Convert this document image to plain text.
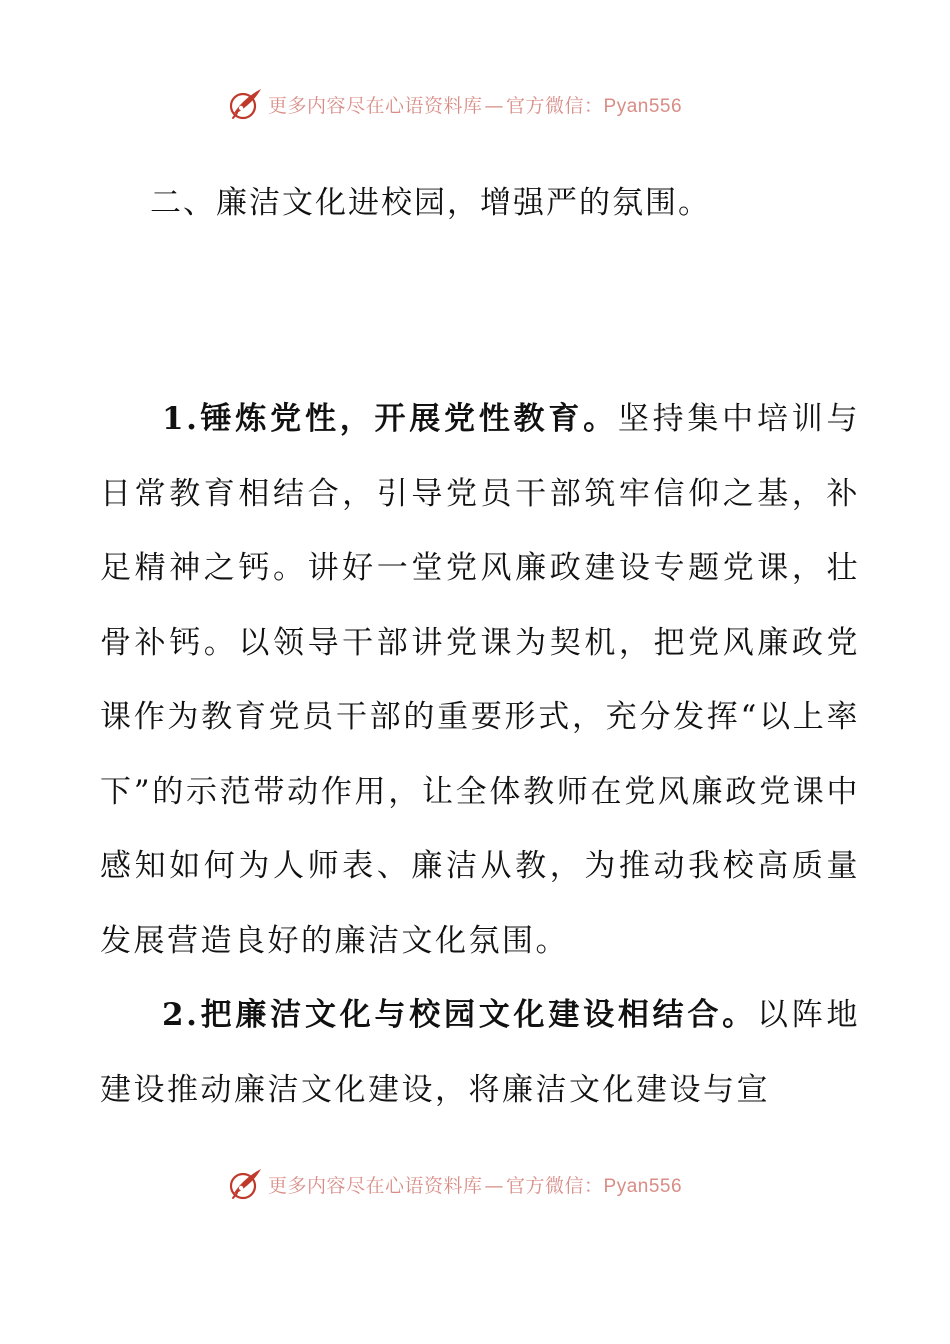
更多内容尽在心语资料库 — 官方微信：Pyan556
二、廉洁文化进校园，增强严的氛围。

1.锤炼党性，开展党性教育。坚持集中培训与日常教育相结合，引导党员干部筑牢信仰之基，补足精神之钙。讲好一堂党风廉政建设专题党课，壮骨补钙。以领导干部讲党课为契机，把党风廉政党课作为教育党员干部的重要形式，充分发挥“以上率下”的示范带动作用，让全体教师在党风廉政党课中感知如何为人师表、廉洁从教，为推动我校高质量发展营造良好的廉洁文化氛围。

2.把廉洁文化与校园文化建设相结合。以阵地建设推动廉洁文化建设，将廉洁文化建设与宣

更多内容尽在心语资料库 — 官方微信：Pyan556
